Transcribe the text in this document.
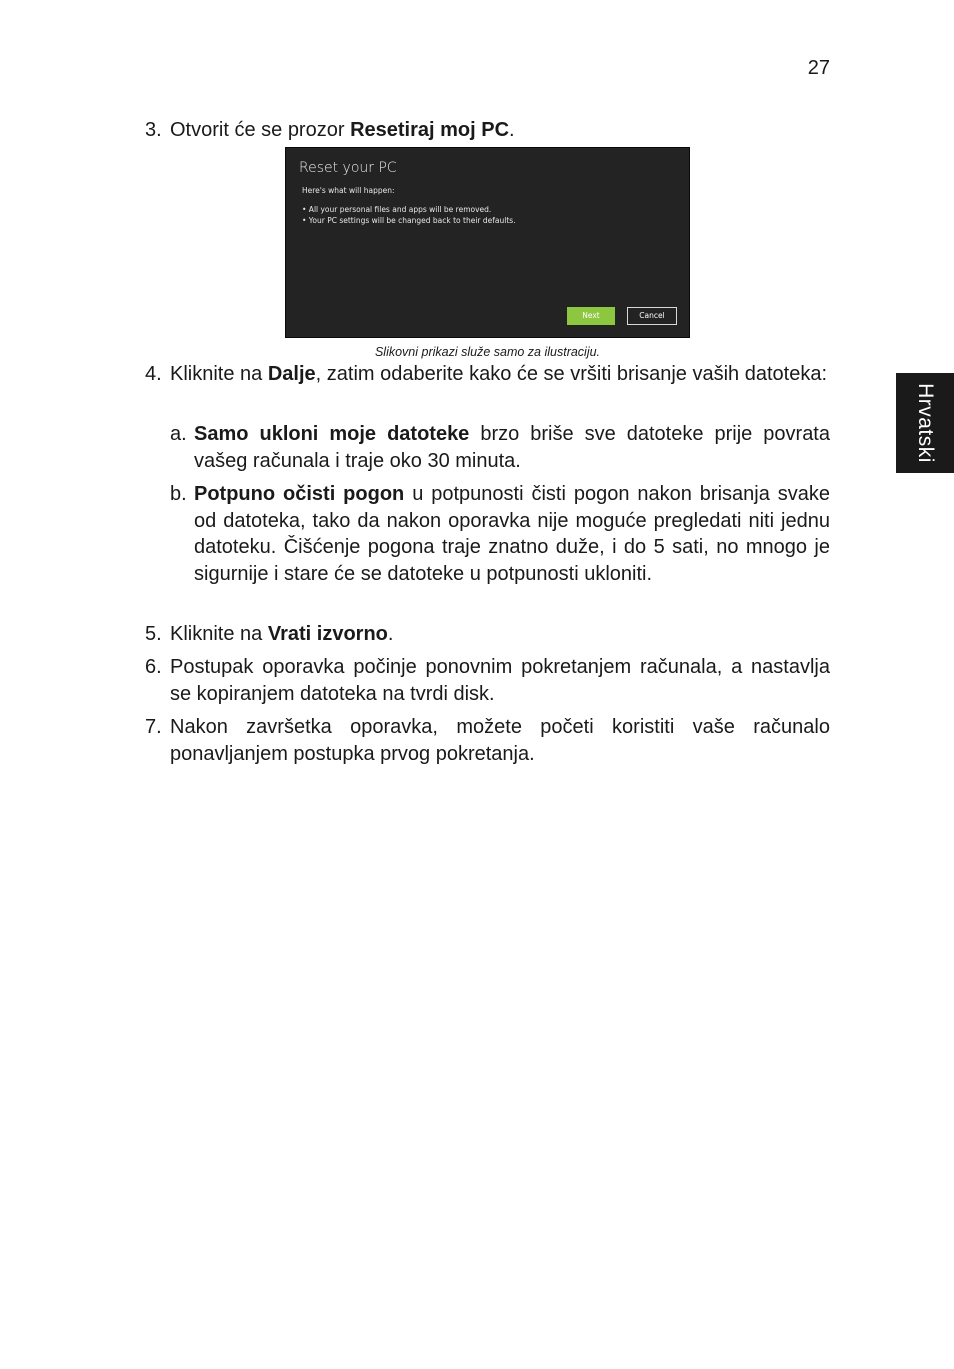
27
Hrvatski
3. Otvorit će se prozor Resetiraj moj PC.
Reset your PC
Here's what will happen:
• All your personal files and apps will be removed.
• Your PC settings will be changed back to their defaults.
Next	Cancel
Slikovni prikazi služe samo za ilustraciju.
4. Kliknite na Dalje, zatim odaberite kako će se vršiti brisanje vaših datoteka:
a. Samo ukloni moje datoteke brzo briše sve datoteke prije povrata vašeg računala i traje oko 30 minuta.
b. Potpuno očisti pogon u potpunosti čisti pogon nakon brisanja svake od datoteka, tako da nakon oporavka nije moguće pregledati niti jednu datoteku. Čišćenje pogona traje znatno duže, i do 5 sati, no mnogo je sigurnije i stare će se datoteke u potpunosti ukloniti.
5. Kliknite na Vrati izvorno.
6. Postupak oporavka počinje ponovnim pokretanjem računala, a nastavlja se kopiranjem datoteka na tvrdi disk.
7. Nakon završetka oporavka, možete početi koristiti vaše računalo ponavljanjem postupka prvog pokretanja.
